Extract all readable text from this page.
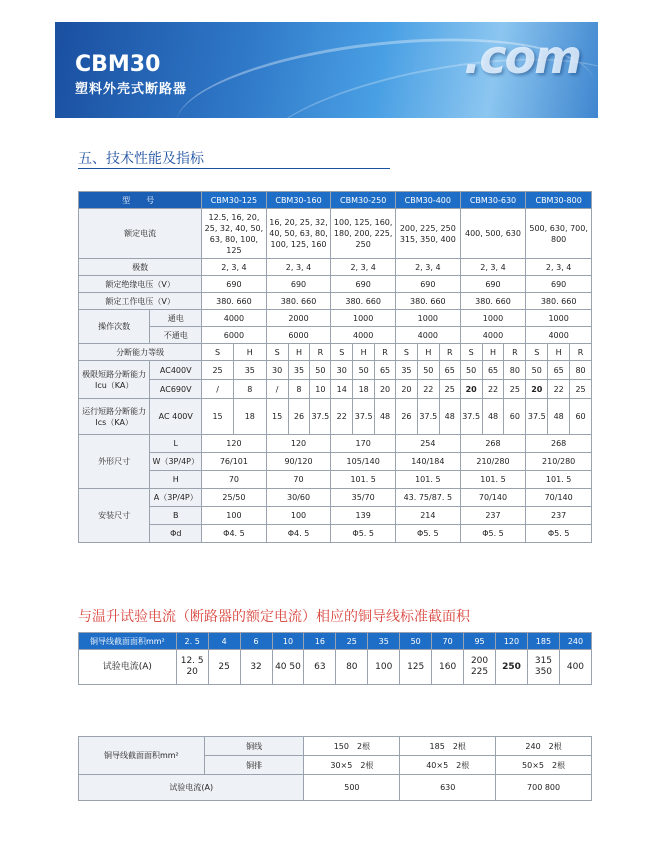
.com
CBM30
塑料外壳式断路器
五、技术性能及指标
型　号		CBM30-125		CBM30-160			CBM30-250			CBM30-400			CBM30-630			CBM30-800		
额定电流		12.5, 16, 20, 25, 32, 40, 50, 63, 80, 100, 125		16, 20, 25, 32, 40, 50, 63, 80, 100, 125, 160			100, 125, 160, 180, 200, 225, 250			200, 225, 250 315, 350, 400			400, 500, 630			500, 630, 700, 800		
极数		2, 3, 4		2, 3, 4			2, 3, 4			2, 3, 4			2, 3, 4			2, 3, 4		
额定绝缘电压（V）		690		690			690			690			690			690		
额定工作电压（V）		380. 660		380. 660			380. 660			380. 660			380. 660			380. 660		
操作次数	通电	4000		2000			1000			1000			1000			1000		
	不通电	6000		6000			4000			4000			4000			4000		
分断能力等级		S	H	S	H	R	S	H	R	S	H	R	S	H	R	S	H	R
极限短路分断能力Icu（KA）	AC400V	25	35	30	35	50	30	50	65	35	50	65	50	65	80	50	65	80
	AC690V	/	8	/	8	10	14	18	20	20	22	25	20	22	25	20	22	25
运行短路分断能力Ics（KA）	AC 400V	15	18	15	26	37.5	22	37.5	48	26	37.5	48	37.5	48	60	37.5	48	60
外形尺寸	L	120		120			170			254			268			268		
	W（3P/4P）	76/101		90/120			105/140			140/184			210/280			210/280		
	H	70		70			101. 5			101. 5			101. 5			101. 5		
安装尺寸	A（3P/4P）	25/50		30/60			35/70			43. 75/87. 5			70/140			70/140		
	B	100		100			139			214			237			237		
	Φd	Φ4. 5		Φ4. 5			Φ5. 5			Φ5. 5			Φ5. 5			Φ5. 5		
与温升试验电流（断路器的额定电流）相应的铜导线标准截面积
铜导线截面面积mm²	2. 5	4	6	10	16	25	35	50	70	95	120	185	240
试验电流(A)	12. 5 20	25	32	40 50	63	80	100	125	160	200 225	250	315 350	400
铜导线截面面积mm²	铜线	150　2根	185　2根	240　2根
	铜排	30×5　2根	40×5　2根	50×5　2根
试验电流(A)		500	630	700 800
